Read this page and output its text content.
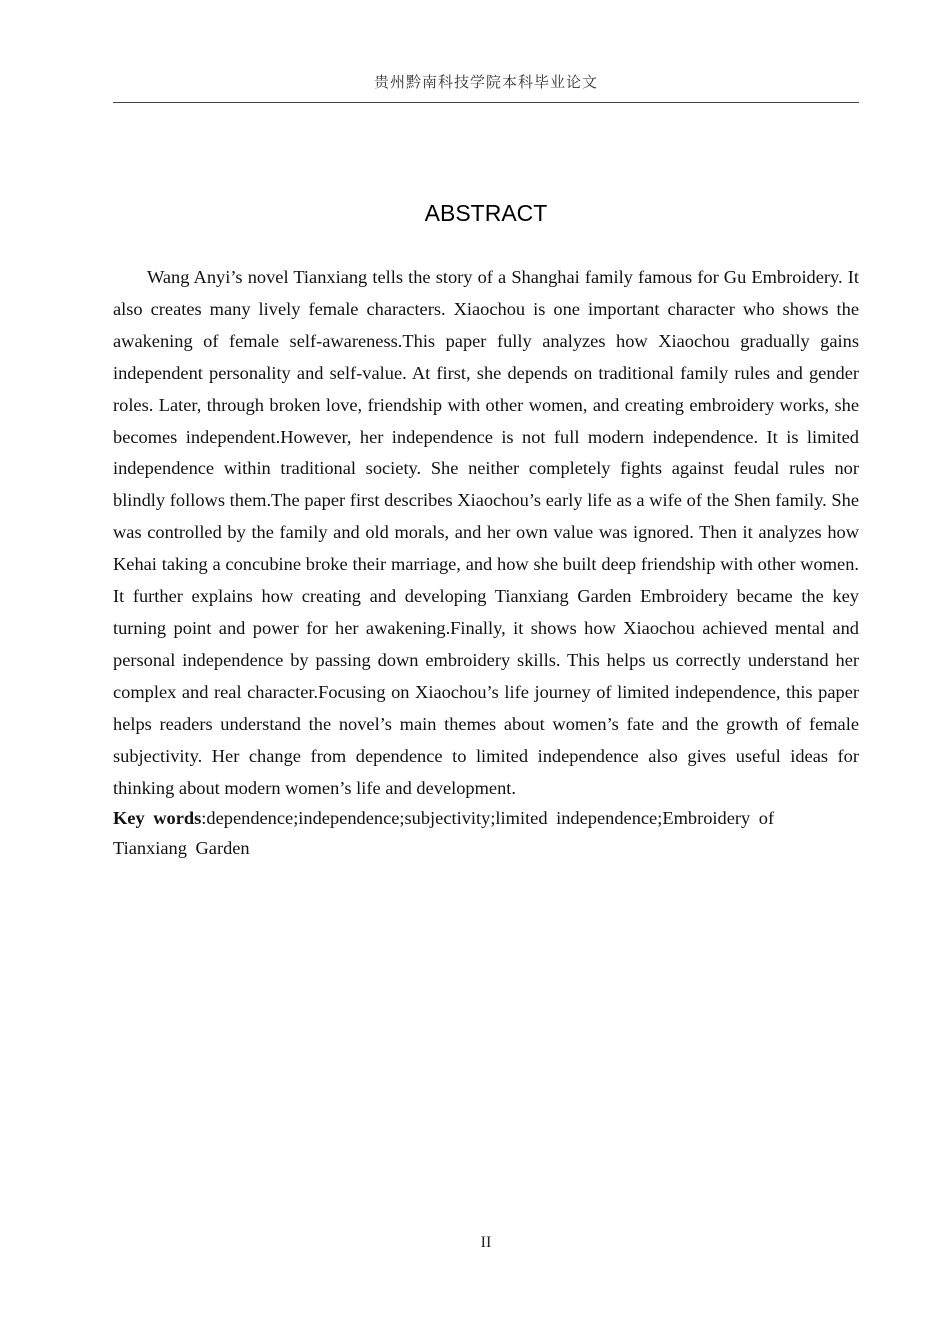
贵州黔南科技学院本科毕业论文
ABSTRACT

Wang Anyi’s novel Tianxiang tells the story of a Shanghai family famous for Gu Embroidery. It also creates many lively female characters. Xiaochou is one important character who shows the awakening of female self-awareness.This paper fully analyzes how Xiaochou gradually gains independent personality and self-value. At first, she depends on traditional family rules and gender roles. Later, through broken love, friendship with other women, and creating embroidery works, she becomes independent.However, her independence is not full modern independence. It is limited independence within traditional society. She neither completely fights against feudal rules nor blindly follows them.The paper first describes Xiaochou’s early life as a wife of the Shen family. She was controlled by the family and old morals, and her own value was ignored. Then it analyzes how Kehai taking a concubine broke their marriage, and how she built deep friendship with other women. It further explains how creating and developing Tianxiang Garden Embroidery became the key turning point and power for her awakening.Finally, it shows how Xiaochou achieved mental and personal independence by passing down embroidery skills. This helps us correctly understand her complex and real character.Focusing on Xiaochou’s life journey of limited independence, this paper helps readers understand the novel’s main themes about women’s fate and the growth of female subjectivity. Her change from dependence to limited independence also gives useful ideas for thinking about modern women’s life and development.

Key words:dependence;independence;subjectivity;limited independence;Embroidery of Tianxiang Garden

II
